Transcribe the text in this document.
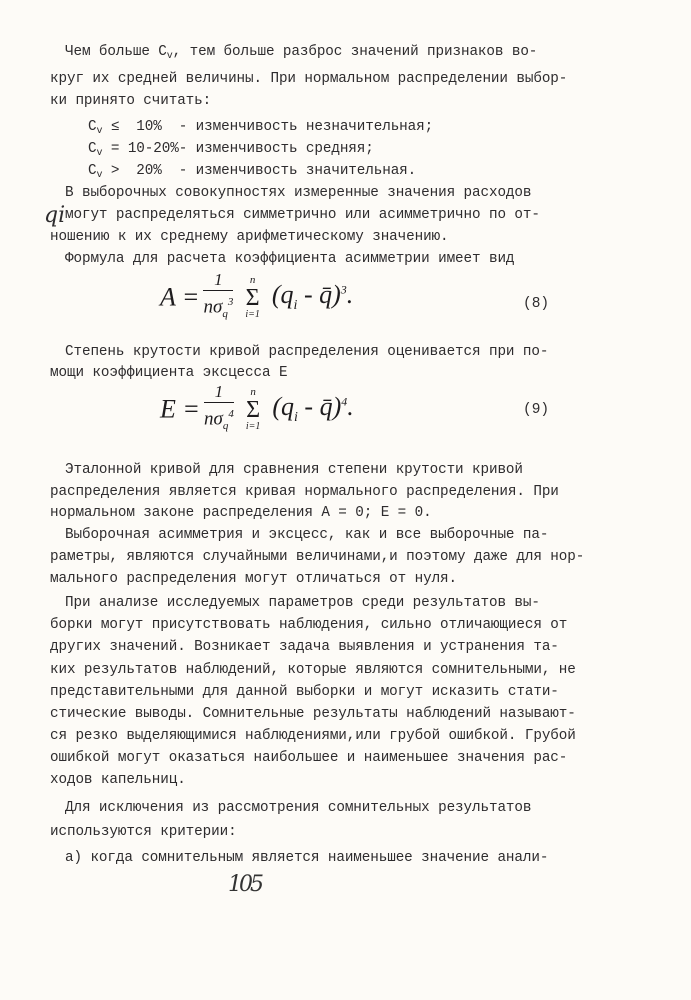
Чем больше $C_v$, тем больше разброс значений признаков во-
круг их средней величины. При нормальном распределении выбор-
ки принято считать:
$C_v \le 10\%$  - изменчивость незначительная;
$C_v = 10-20\%-$ изменчивость средняя;
$C_v > 20\%$  - изменчивость значительная.
В выборочных совокупностях измеренные значения расходов
qi могут распределяться симметрично или асимметрично по от-
ношению к их среднему арифметическому значению.
Формула для расчета коэффициента асимметрии имеет вид
$A = \frac{1}{n\sigma_q^3}$
	n
Σ
i=1
($q_i$ - q̄)$^3$.	(8)
Степень крутости кривой распределения оценивается при по-
мощи коэффициента эксцесса E
$E = \frac{1}{n\sigma_q^4}$
	n
Σ
i=1
($q_i$ - q̄)$^4$.	(9)
Эталонной кривой для сравнения степени крутости кривой
распределения является кривая нормального распределения. При
нормальном законе распределения A = 0; E = 0.
Выборочная асимметрия и эксцесс, как и все выборочные па-
раметры, являются случайными величинами,и поэтому даже для нор-
мального распределения могут отличаться от нуля.
При анализе исследуемых параметров среди результатов вы-
борки могут присутствовать наблюдения, сильно отличающиеся от
других значений. Возникает задача выявления и устранения та-
ких результатов наблюдений, которые являются сомнительными, не
представительными для данной выборки и могут исказить стати-
стические выводы. Сомнительные результаты наблюдений называют-
ся резко выделяющимися наблюдениями,или грубой ошибкой. Грубой
ошибкой могут оказаться наибольшее и наименьшее значения рас-
ходов капельниц.
Для исключения из рассмотрения сомнительных результатов
используются критерии:
а) когда сомнительным является наименьшее значение анали-
105
